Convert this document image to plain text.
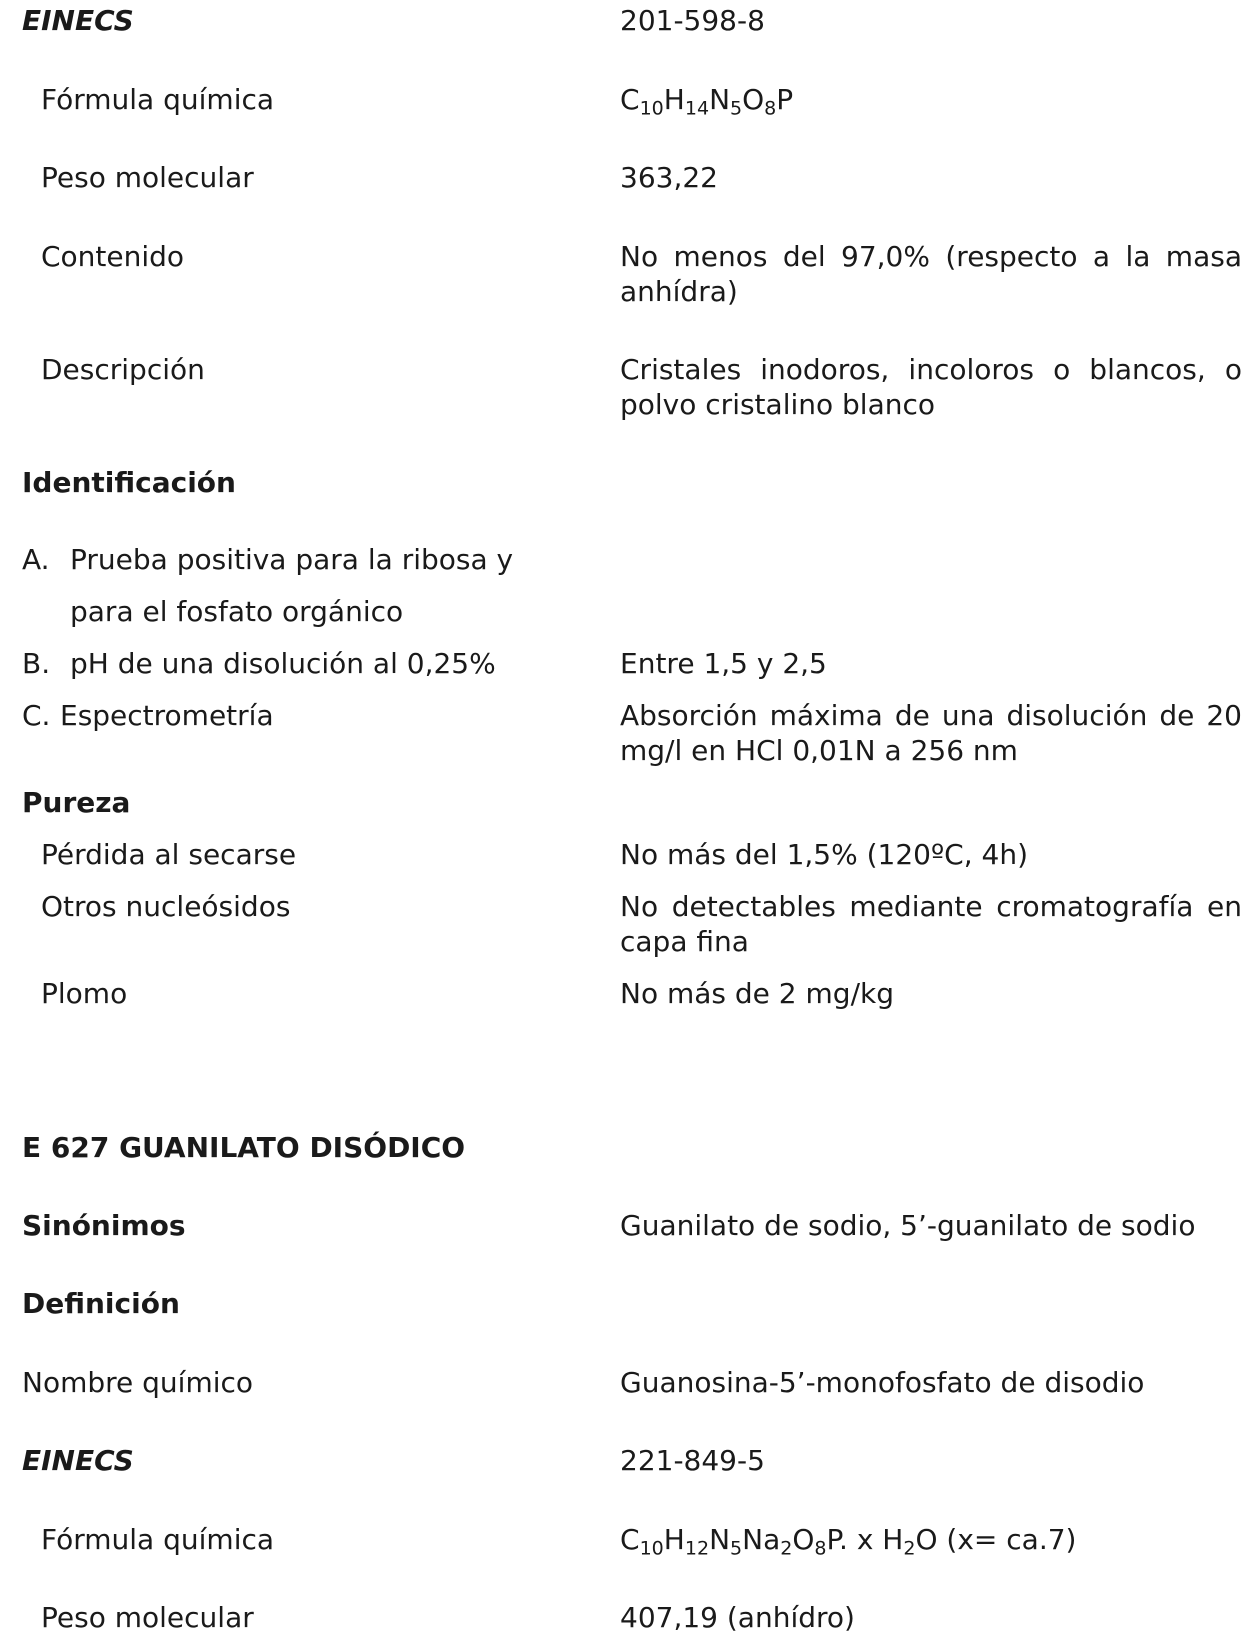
EINECS	201-598-8
Fórmula química	$C_{10}H_{14}N_5O_8P$
Peso molecular	363,22
Contenido	No menos del 97,0% (respecto a la masa anhídra)
Descripción	Cristales inodoros, incoloros o blancos, o polvo cristalino blanco
Identificación
A. Prueba positiva para la ribosa y
para el fosfato orgánico
B. pH de una disolución al 0,25%	Entre 1,5 y 2,5
C. Espectrometría	Absorción máxima de una disolución de 20 mg/l en HCl 0,01N a 256 nm
Pureza
Pérdida al secarse	No más del 1,5% (120ºC, 4h)
Otros nucleósidos	No detectables mediante cromatografía en capa fina
Plomo	No más de 2 mg/kg
E 627 GUANILATO DISÓDICO
Sinónimos	Guanilato de sodio, 5’-guanilato de sodio
Definición
Nombre químico	Guanosina-5’-monofosfato de disodio
EINECS	221-849-5
Fórmula química	$C_{10}H_{12}N_5Na_2O_8P$. x $H_2O$ (x= ca.7)
Peso molecular	407,19 (anhídro)
